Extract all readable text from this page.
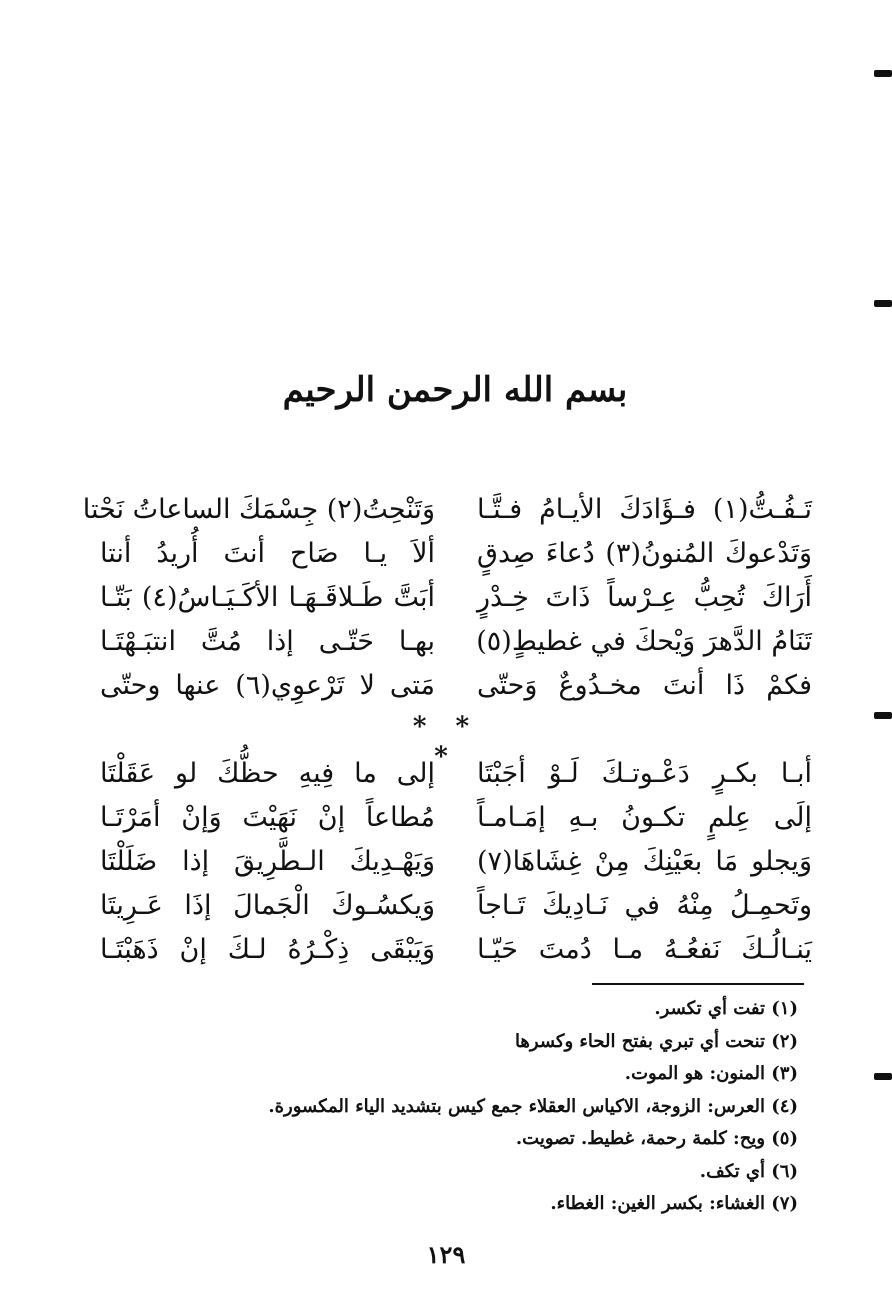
بسم الله الرحمن الرحيم
تَـفُـتُّ(١) فـؤَادَكَ الأيـامُ فـتَّـا
وَتَنْحِتُ(٢) جِسْمَكَ الساعاتُ نَحْتا
وَتَدْعوكَ المُنونُ(٣) دُعاءَ صِدقٍ
ألاَ يـا صَاح أنتَ أُريدُ أنتا
أَرَاكَ تُحِبُّ عِـرْساً ذَاتَ خِـدْرٍ
أبَتَّ طَـلاقَـهَـا الأكَـيَـاسُ(٤) بَتّـا
تَنَامُ الدَّهرَ وَيْحكَ في غطيطٍ(٥)
بهـا حَتّـى إذا مُتَّ انتبَـهْتَـا
فكمْ ذَا أنتَ مخـدُوعٌ وَحتّى
مَتى لا تَرْعوِي(٦) عنها وحتّى
* * *
أبـا بكـرٍ دَعْـوتـكَ لَـوْ أجَبْتَا
إلى ما فِيهِ حظُّكَ لو عَقَلْتَا
إلَى عِلمٍ تكـونُ بـهِ إمَـامـاً
مُطاعاً إنْ نَهَيْتَ وَإنْ أمَرْتَـا
وَيجلو مَا بعَيْنِكَ مِنْ غِشَاهَا(٧)
وَيَهْـدِيكَ الـطَّرِيقَ إذا ضَلَلْتَا
وتَحمِـلُ مِنْهُ في نَـادِيكَ تَـاجاً
وَيكسُـوكَ الْجَمالَ إذَا عَـرِيتَا
يَنـالُـكَ نَفعُـهُ مـا دُمتَ حَيّـا
وَيَبْقَى ذِكْـرُهُ لـكَ إنْ ذَهَبْتَـا
(١) تفت أي تكسر.
(٢) تنحت أي تبري بفتح الحاء وكسرها
(٣) المنون: هو الموت.
(٤) العرس: الزوجة، الاكياس العقلاء جمع كيس بتشديد الياء المكسورة.
(٥) ويح: كلمة رحمة، غطيط. تصويت.
(٦) أي تكف.
(٧) الغشاء: بكسر الغين: الغطاء.
١٢٩
